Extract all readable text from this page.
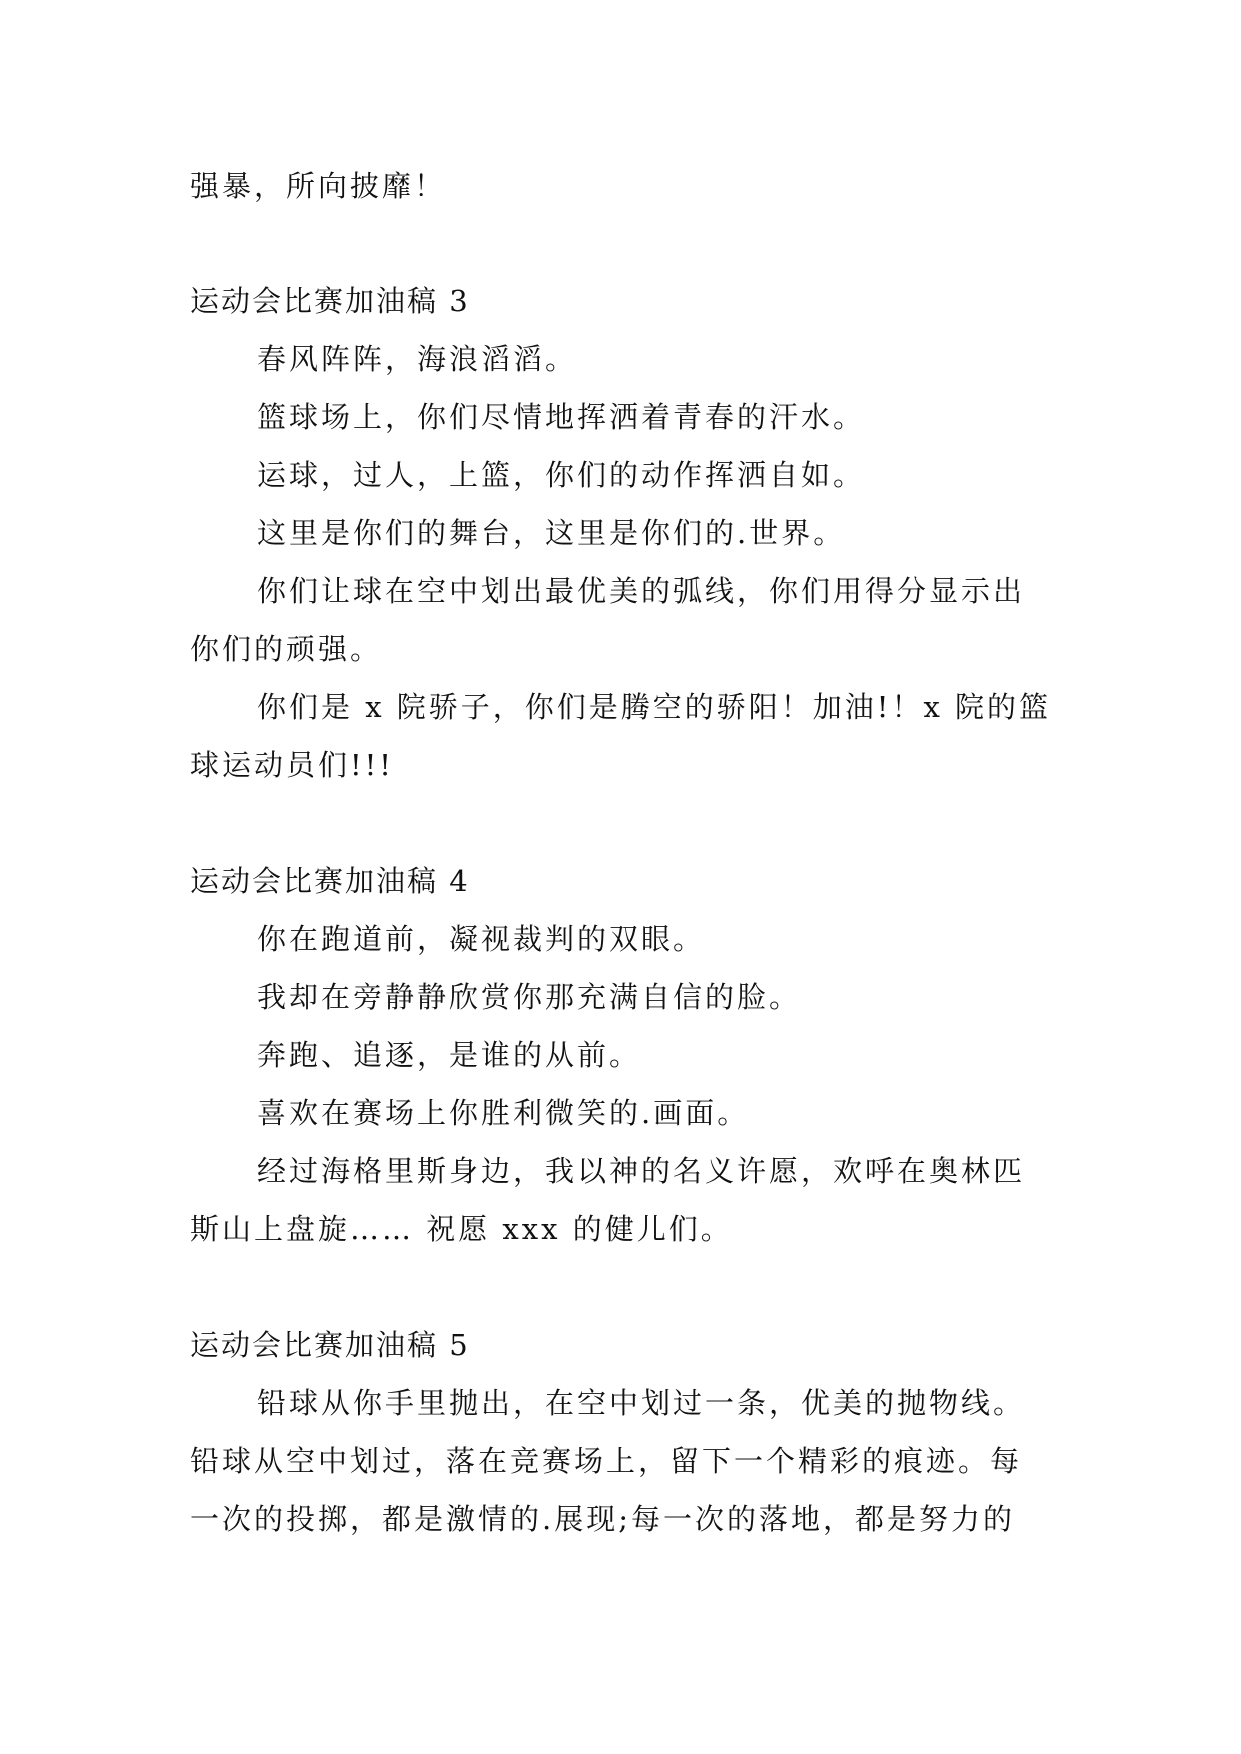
强暴，所向披靡！
运动会比赛加油稿 3
春风阵阵，海浪滔滔。
篮球场上，你们尽情地挥洒着青春的汗水。
运球，过人，上篮，你们的动作挥洒自如。
这里是你们的舞台，这里是你们的.世界。
你们让球在空中划出最优美的弧线，你们用得分显示出
你们的顽强。
你们是 x 院骄子，你们是腾空的骄阳！加油!！x 院的篮
球运动员们!!!
运动会比赛加油稿 4
你在跑道前，凝视裁判的双眼。
我却在旁静静欣赏你那充满自信的脸。
奔跑、追逐，是谁的从前。
喜欢在赛场上你胜利微笑的.画面。
经过海格里斯身边，我以神的名义许愿，欢呼在奥林匹
斯山上盘旋…… 祝愿 xxx 的健儿们。
运动会比赛加油稿 5
铅球从你手里抛出，在空中划过一条，优美的抛物线。
铅球从空中划过，落在竞赛场上，留下一个精彩的痕迹。每
一次的投掷，都是激情的.展现;每一次的落地，都是努力的
